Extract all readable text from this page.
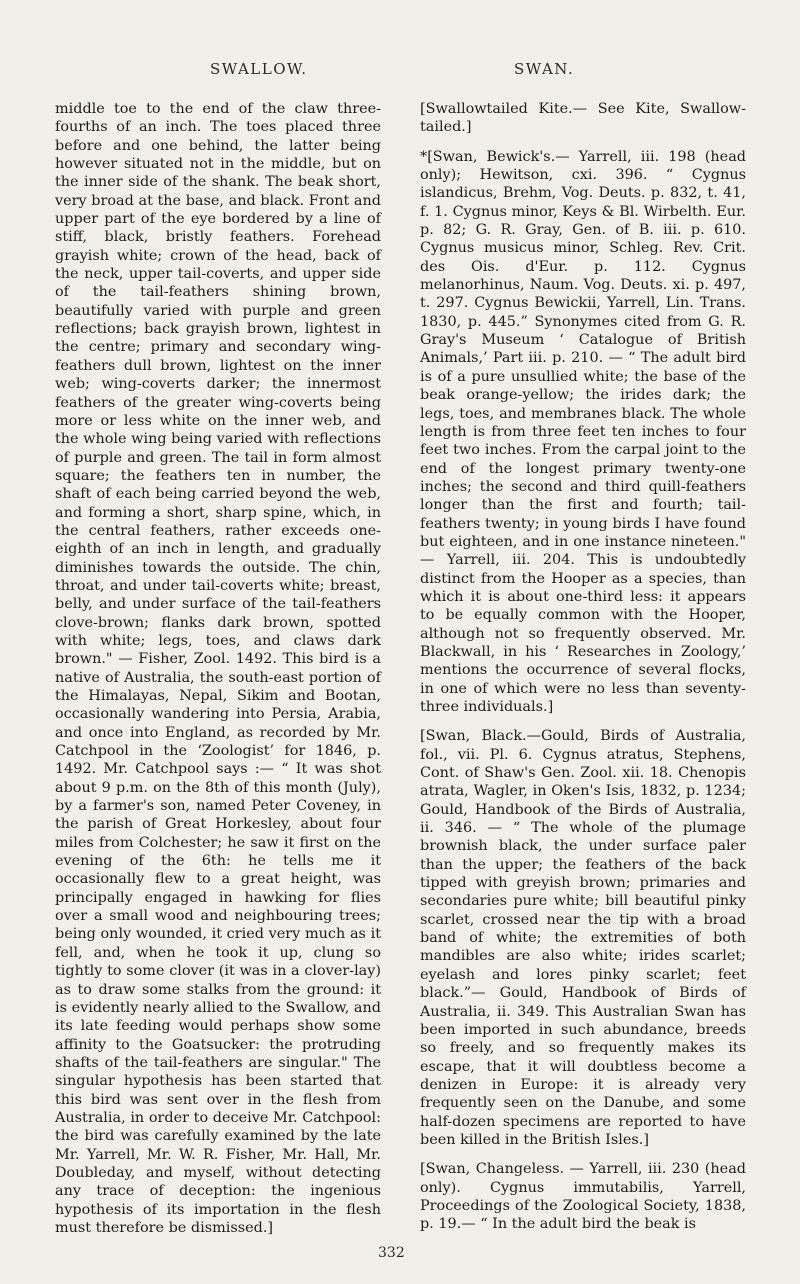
SWALLOW.	SWAN.

middle toe to the end of the claw three-fourths of an inch. The toes placed three before and one behind, the latter being however situated not in the middle, but on the inner side of the shank. The beak short, very broad at the base, and black. Front and upper part of the eye bordered by a line of stiff, black, bristly feathers. Forehead grayish white; crown of the head, back of the neck, upper tail-coverts, and upper side of the tail-feathers shining brown, beautifully varied with purple and green reflections; back grayish brown, lightest in the centre; primary and secondary wing-feathers dull brown, lightest on the inner web; wing-coverts darker; the innermost feathers of the greater wing-coverts being more or less white on the inner web, and the whole wing being varied with reflections of purple and green. The tail in form almost square; the feathers ten in number, the shaft of each being carried beyond the web, and forming a short, sharp spine, which, in the central feathers, rather exceeds one-eighth of an inch in length, and gradually diminishes towards the outside. The chin, throat, and under tail-coverts white; breast, belly, and under surface of the tail-feathers clove-brown; flanks dark brown, spotted with white; legs, toes, and claws dark brown." — Fisher, Zool. 1492. This bird is a native of Australia, the south-east portion of the Himalayas, Nepal, Sikim and Bootan, occasionally wandering into Persia, Arabia, and once into England, as recorded by Mr. Catchpool in the ‘Zoologist’ for 1846, p. 1492. Mr. Catchpool says :— “ It was shot about 9 p.m. on the 8th of this month (July), by a farmer's son, named Peter Coveney, in the parish of Great Horkesley, about four miles from Colchester; he saw it first on the evening of the 6th: he tells me it occasionally flew to a great height, was principally engaged in hawking for flies over a small wood and neighbouring trees; being only wounded, it cried very much as it fell, and, when he took it up, clung so tightly to some clover (it was in a clover-lay) as to draw some stalks from the ground: it is evidently nearly allied to the Swallow, and its late feeding would perhaps show some affinity to the Goatsucker: the protruding shafts of the tail-feathers are singular." The singular hypothesis has been started that this bird was sent over in the flesh from Australia, in order to deceive Mr. Catchpool: the bird was carefully examined by the late Mr. Yarrell, Mr. W. R. Fisher, Mr. Hall, Mr. Doubleday, and myself, without detecting any trace of deception: the ingenious hypothesis of its importation in the flesh must therefore be dismissed.]

[Swallowtailed Kite.— See Kite, Swallow-tailed.]

*[Swan, Bewick's.— Yarrell, iii. 198 (head only); Hewitson, cxi. 396. “ Cygnus islandicus, Brehm, Vog. Deuts. p. 832, t. 41, f. 1. Cygnus minor, Keys & Bl. Wirbelth. Eur. p. 82; G. R. Gray, Gen. of B. iii. p. 610. Cygnus musicus minor, Schleg. Rev. Crit. des Ois. d'Eur. p. 112. Cygnus melanorhinus, Naum. Vog. Deuts. xi. p. 497, t. 297. Cygnus Bewickii, Yarrell, Lin. Trans. 1830, p. 445.” Synonymes cited from G. R. Gray's Museum ‘ Catalogue of British Animals,’ Part iii. p. 210. — “ The adult bird is of a pure unsullied white; the base of the beak orange-yellow; the irides dark; the legs, toes, and membranes black. The whole length is from three feet ten inches to four feet two inches. From the carpal joint to the end of the longest primary twenty-one inches; the second and third quill-feathers longer than the first and fourth; tail-feathers twenty; in young birds I have found but eighteen, and in one instance nineteen." — Yarrell, iii. 204. This is undoubtedly distinct from the Hooper as a species, than which it is about one-third less: it appears to be equally common with the Hooper, although not so frequently observed. Mr. Blackwall, in his ‘ Researches in Zoology,’ mentions the occurrence of several flocks, in one of which were no less than seventy-three individuals.]

[Swan, Black.—Gould, Birds of Australia, fol., vii. Pl. 6. Cygnus atratus, Stephens, Cont. of Shaw's Gen. Zool. xii. 18. Chenopis atrata, Wagler, in Oken's Isis, 1832, p. 1234; Gould, Handbook of the Birds of Australia, ii. 346. — “ The whole of the plumage brownish black, the under surface paler than the upper; the feathers of the back tipped with greyish brown; primaries and secondaries pure white; bill beautiful pinky scarlet, crossed near the tip with a broad band of white; the extremities of both mandibles are also white; irides scarlet; eyelash and lores pinky scarlet; feet black.”— Gould, Handbook of Birds of Australia, ii. 349. This Australian Swan has been imported in such abundance, breeds so freely, and so frequently makes its escape, that it will doubtless become a denizen in Europe: it is already very frequently seen on the Danube, and some half-dozen specimens are reported to have been killed in the British Isles.]

[Swan, Changeless. — Yarrell, iii. 230 (head only). Cygnus immutabilis, Yarrell, Proceedings of the Zoological Society, 1838, p. 19.— “ In the adult bird the beak is

332
